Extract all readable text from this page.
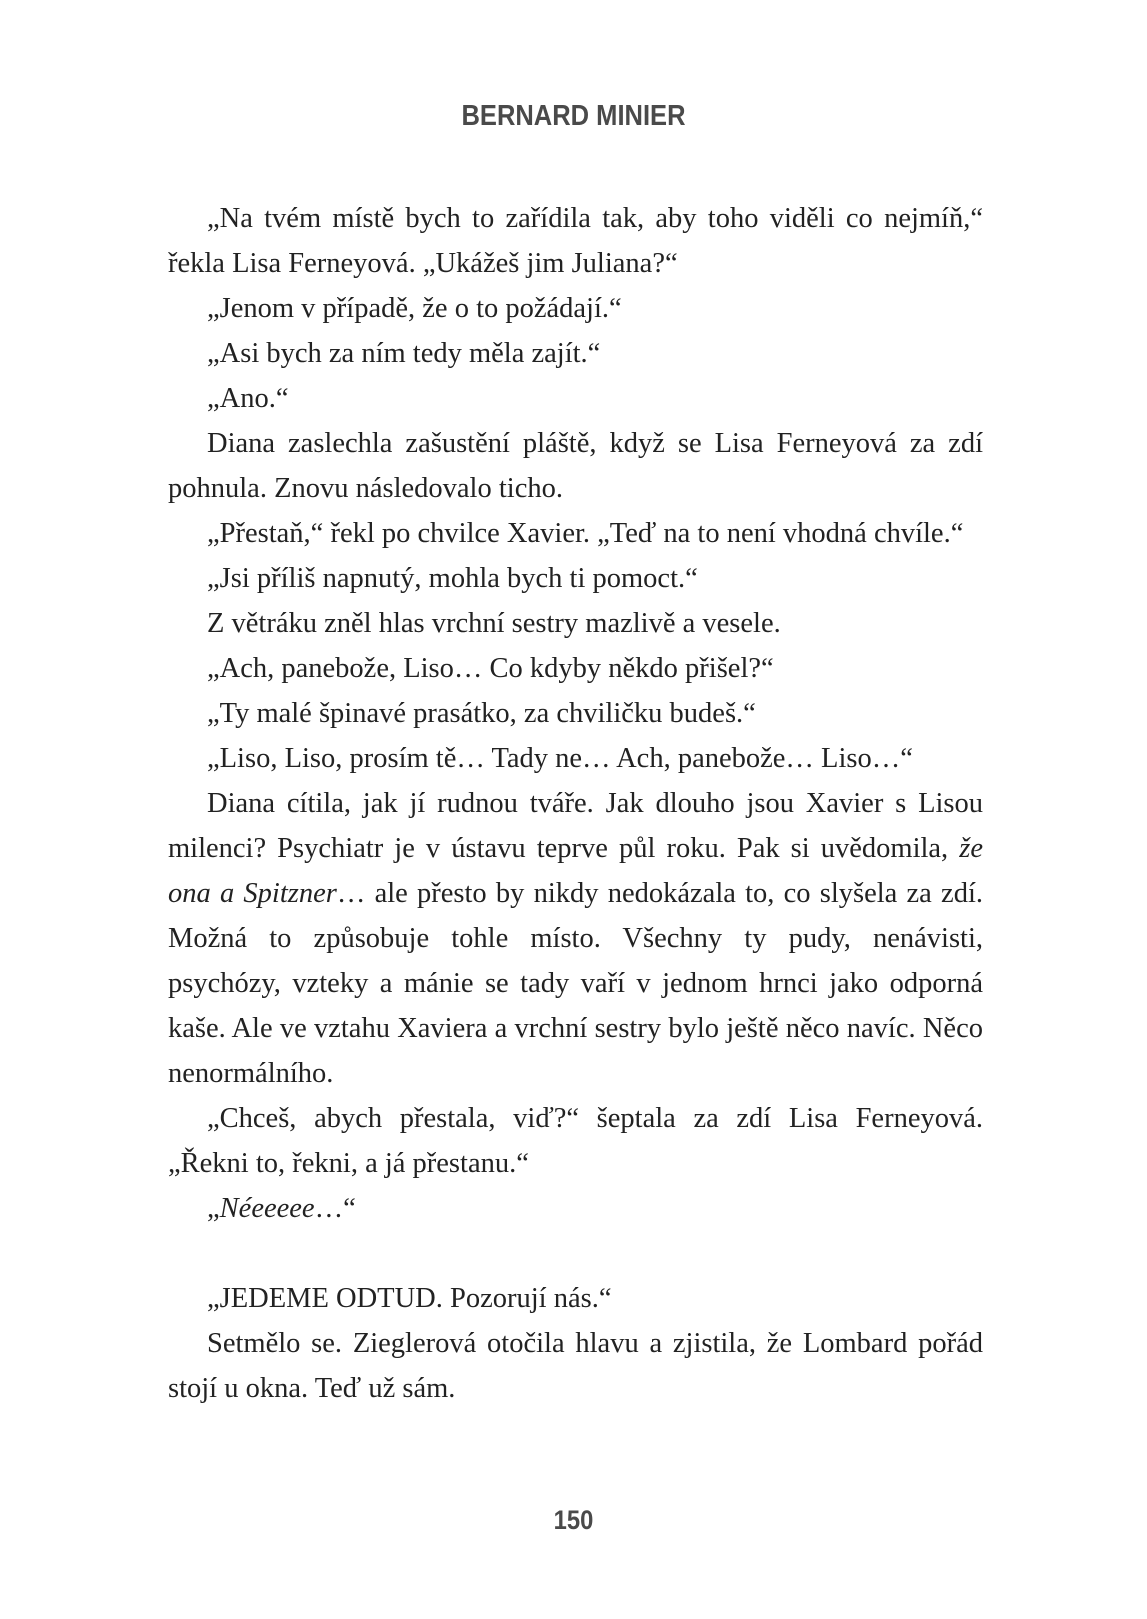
BERNARD MINIER

„Na tvém místě bych to zařídila tak, aby toho viděli co nejmíň,“ řekla Lisa Ferneyová. „Ukážeš jim Juliana?“

„Jenom v případě, že o to požádají.“

„Asi bych za ním tedy měla zajít.“

„Ano.“

Diana zaslechla zašustění pláště, když se Lisa Ferneyová za zdí pohnula. Znovu následovalo ticho.

„Přestaň,“ řekl po chvilce Xavier. „Teď na to není vhodná chvíle.“

„Jsi příliš napnutý, mohla bych ti pomoct.“

Z větráku zněl hlas vrchní sestry mazlivě a vesele.

„Ach, panebože, Liso… Co kdyby někdo přišel?“

„Ty malé špinavé prasátko, za chviličku budeš.“

„Liso, Liso, prosím tě… Tady ne… Ach, panebože… Liso…“

Diana cítila, jak jí rudnou tváře. Jak dlouho jsou Xavier s Lisou milenci? Psychiatr je v ústavu teprve půl roku. Pak si uvědomila, že ona a Spitzner… ale přesto by nikdy nedokázala to, co slyšela za zdí. Možná to způsobuje tohle místo. Všechny ty pudy, nenávisti, psychózy, vzteky a mánie se tady vaří v jednom hrnci jako odporná kaše. Ale ve vztahu Xaviera a vrchní sestry bylo ještě něco navíc. Něco nenormálního.

„Chceš, abych přestala, viď?“ šeptala za zdí Lisa Ferneyová. „Řekni to, řekni, a já přestanu.“

„Néeeeee…“

„JEDEME ODTUD. Pozorují nás.“

Setmělo se. Zieglerová otočila hlavu a zjistila, že Lombard pořád stojí u okna. Teď už sám.

150
